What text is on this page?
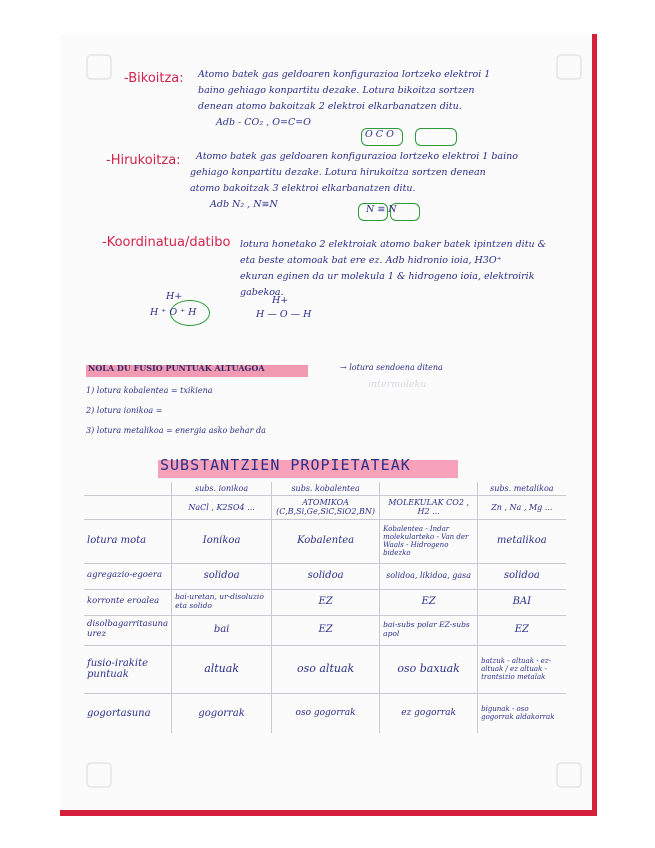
-Bikoitza: Atomo batek gas geldoaren konfigurazioa lortzeko elektroi 1
baino gehiago konpartitu dezake. Lotura bikoitza sortzen
denean atomo bakoitzak 2 elektroi elkarbanatzen ditu.
Adb - CO₂ , O=C=O
O C O
-Hirukoitza: Atomo batek gas geldoaren konfigurazioa lortzeko elektroi 1 baino
gehiago konpartitu dezake. Lotura hirukoitza sortzen denean
atomo bakoitzak 3 elektroi elkarbanatzen ditu.
Adb N₂ , N≡N	N ≡ N
-Koordinatua/datibo lotura honetako 2 elektroiak atomo baker batek ipintzen ditu &
eta beste atomoak bat ere ez. Adb hidronio ioia, H3O⁺
ekuran eginen da ur molekula 1 & hidrogeno ioia, elektroirik
gabekoa.
H+
H ⁺ O ⁺ H
H+
H — O — H
NOLA DU FUSIO PUNTUAK ALTUAGOA	→ lotura sendoena ditena
intermoleku
1) lotura kobalentea = txikiena
2) lotura ionikoa =
3) lotura metalikoa = energia asko behar da
SUBSTANTZIEN PROPIETATEAK
	subs. ionikoa	subs. kobalentea		subs. metalikoa
	NaCl , K2SO4 ...	ATOMIKOA (C,B,Si,Ge,SiC,SiO2,BN)	MOLEKULAK CO2 , H2 ...	Zn , Na , Mg ...
lotura mota	Ionikoa	Kobalentea	Kobalentea - Indar molekularteko - Van der Waals - Hidrogeno bidezko	metalikoa
agregazio-egoera	solidoa	solidoa	solidoa, likidoa, gasa	solidoa
korronte eroalea	bai-uretan, ur-disoluzio eta solido	EZ	EZ	BAI
disolbagarritasuna urez	bai	EZ	bai-subs polar EZ-subs apol	EZ
fusio-irakite puntuak	altuak	oso altuak	oso baxuak	batzuk - altuak - ez-altuak / ez altuak - trantsizio metalak
gogortasuna	gogorrak	oso gogorrak	ez gogorrak	bigunak - oso gogorrak aldakorrak
